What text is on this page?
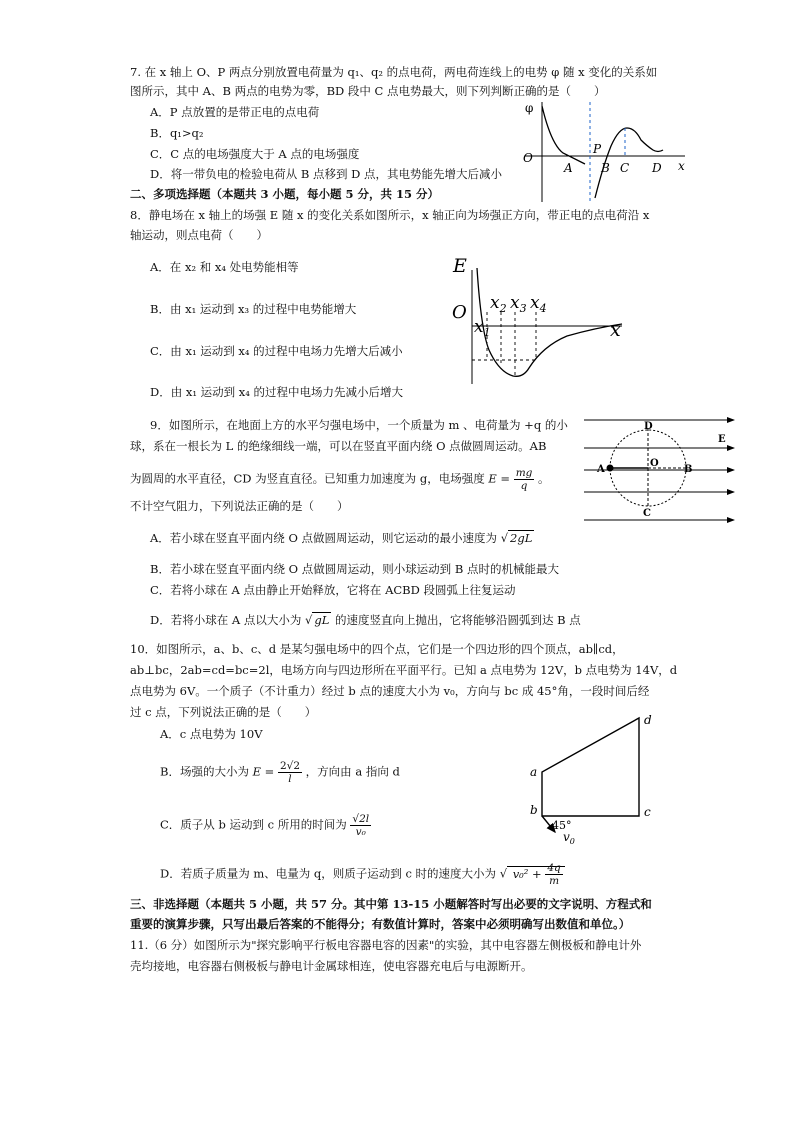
7. 在 x 轴上 O、P 两点分别放置电荷量为 q₁、q₂ 的点电荷，两电荷连线上的电势 φ 随 x 变化的关系如
图所示，其中 A、B 两点的电势为零，BD 段中 C 点电势最大，则下列判断正确的是（　　）
A．P 点放置的是带正电的点电荷
B．q₁>q₂
C．C 点的电场强度大于 A 点的电场强度
D．将一带负电的检验电荷从 B 点移到 D 点，其电势能先增大后减小
φ
O
A
P
B C D x
二、多项选择题（本题共 3 小题，每小题 5 分，共 15 分）
8．静电场在 x 轴上的场强 E 随 x 的变化关系如图所示，x 轴正向为场强正方向，带正电的点电荷沿 x
轴运动，则点电荷（　　）
A．在 x₂ 和 x₄ 处电势能相等
B．由 x₁ 运动到 x₃ 的过程中电势能增大
C．由 x₁ 运动到 x₄ 的过程中电场力先增大后减小
D．由 x₁ 运动到 x₄ 的过程中电场力先减小后增大
E
O
x
$x_1$
$x_2$ $x_3$ $x_4$
9．如图所示，在地面上方的水平匀强电场中，一个质量为 m 、电荷量为 +q 的小
球，系在一根长为 L 的绝缘细线一端，可以在竖直平面内绕 O 点做圆周运动。AB
为圆周的水平直径，CD 为竖直直径。已知重力加速度为 g，电场强度 $E = \frac{mg}{q}$ 。
不计空气阻力，下列说法正确的是（　　）
A．若小球在竖直平面内绕 O 点做圆周运动，则它运动的最小速度为 √ 2gL
B．若小球在竖直平面内绕 O 点做圆周运动，则小球运动到 B 点时的机械能最大
C．若将小球在 A 点由静止开始释放，它将在 ACBD 段圆弧上往复运动
D．若将小球在 A 点以大小为 √ gL 的速度竖直向上抛出，它将能够沿圆弧到达 B 点
D
C
A	B
O
E
10．如图所示，a、b、c、d 是某匀强电场中的四个点，它们是一个四边形的四个顶点，ab∥cd，
ab⊥bc，2ab=cd=bc=2l，电场方向与四边形所在平面平行。已知 a 点电势为 12V，b 点电势为 14V，d
点电势为 6V。一个质子（不计重力）经过 b 点的速度大小为 v₀，方向与 bc 成 45°角，一段时间后经
过 c 点，下列说法正确的是（　　）
A．c 点电势为 10V
B．场强的大小为 $E = \frac{2√2}{l}$ ，方向由 a 指向 d
C．质子从 b 运动到 c 所用的时间为 $\frac{√2l}{\text{v₀}}$
D．若质子质量为 m、电量为 q，则质子运动到 c 时的速度大小为 √ $v_0^2 + \frac{4q}{m}$
a
b	c
d
45°
$v_0$
三、非选择题（本题共 5 小题，共 57 分。其中第 13-15 小题解答时写出必要的文字说明、方程式和
重要的演算步骤，只写出最后答案的不能得分；有数值计算时，答案中必须明确写出数值和单位。）
11.（6 分）如图所示为"探究影响平行板电容器电容的因素"的实验，其中电容器左侧极板和静电计外
壳均接地，电容器右侧极板与静电计金属球相连，使电容器充电后与电源断开。
